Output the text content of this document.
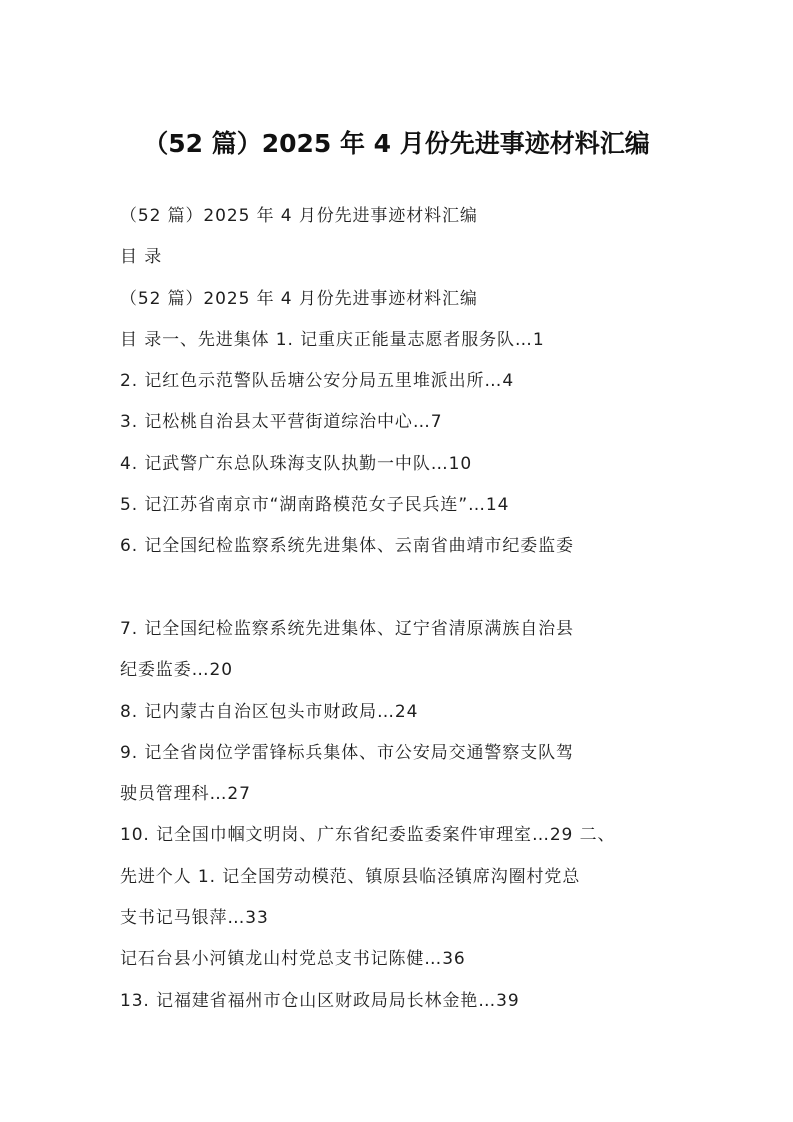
（52 篇）2025 年 4 月份先进事迹材料汇编
（52 篇）2025 年 4 月份先进事迹材料汇编
目 录
（52 篇）2025 年 4 月份先进事迹材料汇编
目 录一、先进集体 1. 记重庆正能量志愿者服务队…1
2. 记红色示范警队岳塘公安分局五里堆派出所…4
3. 记松桃自治县太平营街道综治中心…7
4. 记武警广东总队珠海支队执勤一中队…10
5. 记江苏省南京市“湖南路模范女子民兵连”…14
6. 记全国纪检监察系统先进集体、云南省曲靖市纪委监委
7. 记全国纪检监察系统先进集体、辽宁省清原满族自治县
纪委监委…20
8. 记内蒙古自治区包头市财政局…24
9. 记全省岗位学雷锋标兵集体、市公安局交通警察支队驾
驶员管理科…27
10. 记全国巾帼文明岗、广东省纪委监委案件审理室…29 二、
先进个人 1. 记全国劳动模范、镇原县临泾镇席沟圈村党总
支书记马银萍…33
记石台县小河镇龙山村党总支书记陈健…36
13. 记福建省福州市仓山区财政局局长林金艳…39
